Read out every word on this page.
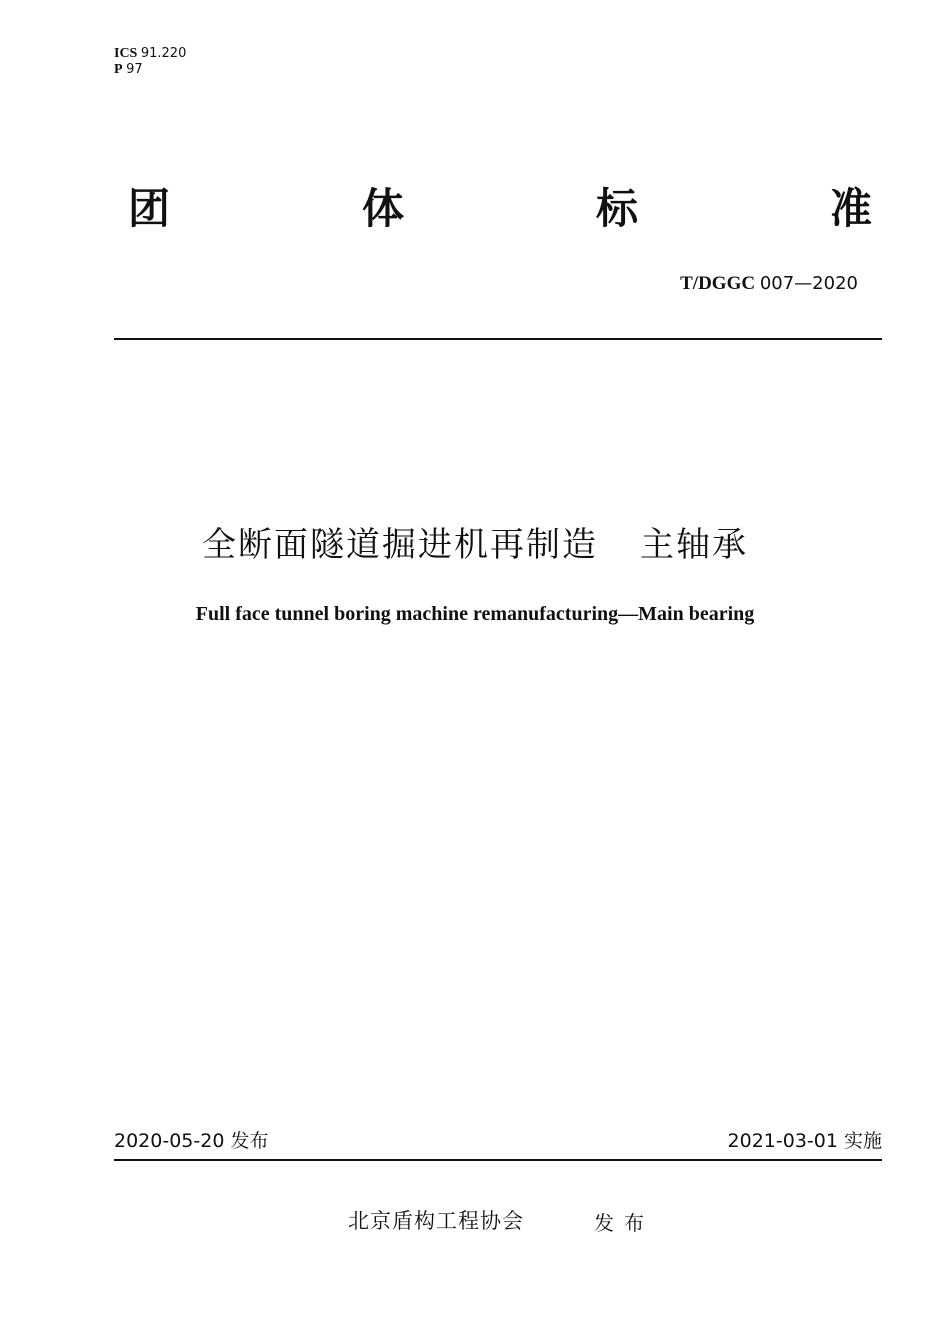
ICS 91.220
P 97
团	体	标	准
T/DGGC 007—2020
全断面隧道掘进机再制造 主轴承
Full face tunnel boring machine remanufacturing—Main bearing
2020-05-20 发布	2021-03-01 实施
北京盾构工程协会	发布
